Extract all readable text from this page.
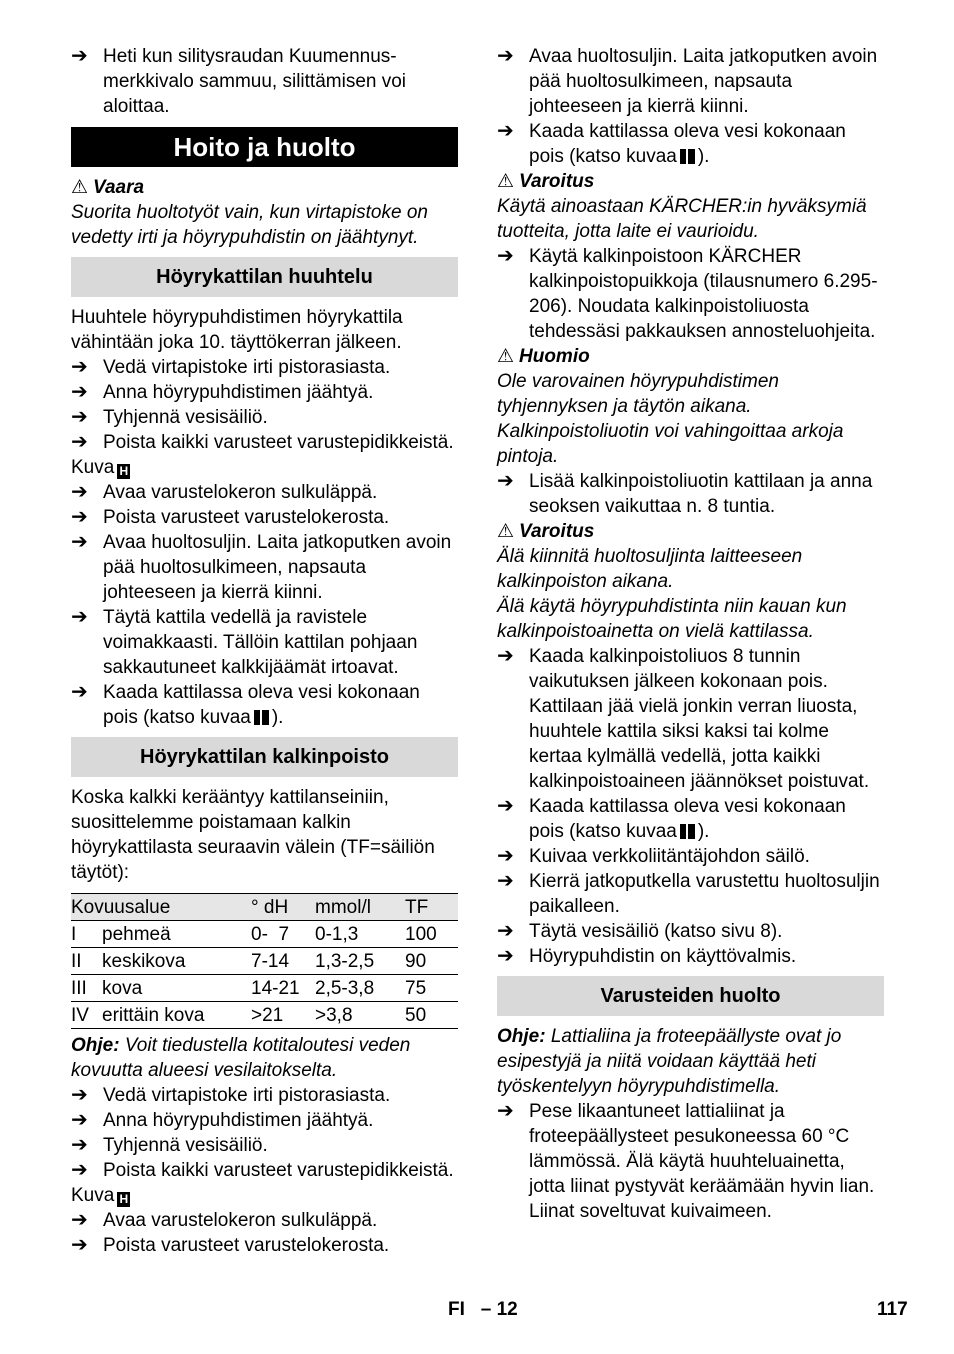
➔ Heti kun silitysraudan Kuumennus-merkkivalo sammuu, silittämisen voi aloittaa.
Hoito ja huolto

⚠ Vaara

Suorita huoltotyöt vain, kun virtapistoke on vedetty irti ja höyrypuhdistin on jäähtynyt.

Höyrykattilan huuhtelu

Huuhtele höyrypuhdistimen höyrykattila vähintään joka 10. täyttökerran jälkeen.

➔ Vedä virtapistoke irti pistorasiasta.
➔ Anna höyrypuhdistimen jäähtyä.
➔ Tyhjennä vesisäiliö.
➔ Poista kaikki varusteet varustepidikkeistä.

Kuva H

➔ Avaa varustelokeron sulkuläppä.
➔ Poista varusteet varustelokerosta.
➔ Avaa huoltosuljin. Laita jatkoputken avoin pää huoltosulkimeen, napsauta johteeseen ja kierrä kiinni.
➔ Täytä kattila vedellä ja ravistele voimakkaasti. Tällöin kattilan pohjaan sakkautuneet kalkkijäämät irtoavat.
➔ Kaada kattilassa oleva vesi kokonaan pois (katso kuvaa ).
Höyrykattilan kalkinpoisto

Koska kalkki kerääntyy kattilanseiniin, suosittelemme poistamaan kalkin höyrykattilasta seuraavin välein (TF=säiliön täytöt):

Kovuusalue		° dH	mmol/l	TF
I	pehmeä	0-  7	0-1,3	100
II	keskikova	7-14	1,3-2,5	90
III	kova	14-21	2,5-3,8	75
IV	erittäin kova	>21	>3,8	50

Ohje: Voit tiedustella kotitaloutesi veden kovuutta alueesi vesilaitokselta.

➔ Vedä virtapistoke irti pistorasiasta.
➔ Anna höyrypuhdistimen jäähtyä.
➔ Tyhjennä vesisäiliö.
➔ Poista kaikki varusteet varustepidikkeistä.

Kuva H

➔ Avaa varustelokeron sulkuläppä.
➔ Poista varusteet varustelokerosta.
➔ Avaa huoltosuljin. Laita jatkoputken avoin pää huoltosulkimeen, napsauta johteeseen ja kierrä kiinni.
➔ Kaada kattilassa oleva vesi kokonaan pois (katso kuvaa ).

⚠ Varoitus

Käytä ainoastaan KÄRCHER:in hyväksymiä tuotteita, jotta laite ei vaurioidu.

➔ Käytä kalkinpoistoon KÄRCHER kalkinpoistopuikkoja (tilausnumero 6.295-206). Noudata kalkinpoistoliuosta tehdessäsi pakkauksen annosteluohjeita.

⚠ Huomio

Ole varovainen höyrypuhdistimen tyhjennyksen ja täytön aikana. Kalkinpoistoliuotin voi vahingoittaa arkoja pintoja.

➔ Lisää kalkinpoistoliuotin kattilaan ja anna seoksen vaikuttaa n. 8 tuntia.

⚠ Varoitus

Älä kiinnitä huoltosuljinta laitteeseen kalkinpoiston aikana.

Älä käytä höyrypuhdistinta niin kauan kun kalkinpoistoainetta on vielä kattilassa.

➔ Kaada kalkinpoistoliuos 8 tunnin vaikutuksen jälkeen kokonaan pois. Kattilaan jää vielä jonkin verran liuosta, huuhtele kattila siksi kaksi tai kolme kertaa kylmällä vedellä, jotta kaikki kalkinpoistoaineen jäännökset poistuvat.
➔ Kaada kattilassa oleva vesi kokonaan pois (katso kuvaa ).
➔ Kuivaa verkkoliitäntäjohdon säilö.
➔ Kierrä jatkoputkella varustettu huoltosuljin paikalleen.
➔ Täytä vesisäiliö (katso sivu 8).
➔ Höyrypuhdistin on käyttövalmis.
Varusteiden huolto

Ohje: Lattialiina ja froteepäällyste ovat jo esipestyjä ja niitä voidaan käyttää heti työskentelyyn höyrypuhdistimella.

➔ Pese likaantuneet lattialiinat ja froteepäällysteet pesukoneessa 60 °C lämmössä. Älä käytä huuhteluainetta, jotta liinat pystyvät keräämään hyvin lian. Liinat soveltuvat kuivaimeen.
FI   – 12	117
